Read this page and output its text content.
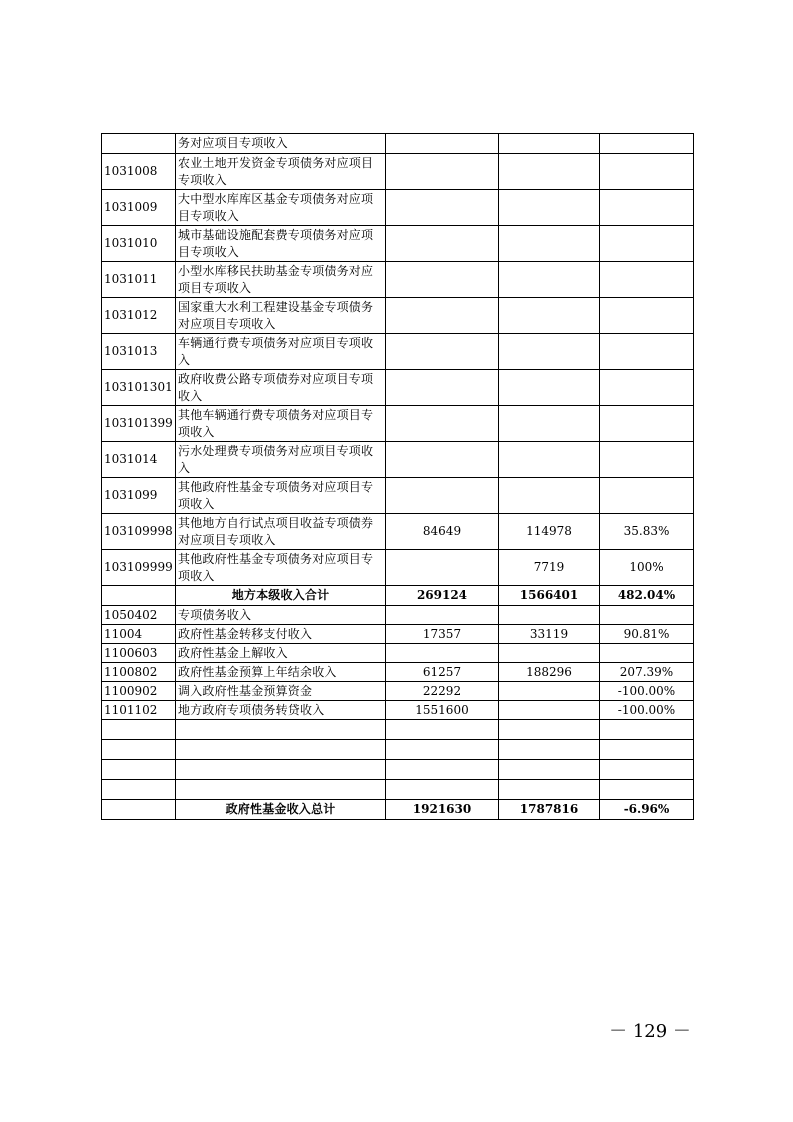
	务对应项目专项收入			
1031008	农业土地开发资金专项债务对应项目专项收入			
1031009	大中型水库库区基金专项债务对应项目专项收入			
1031010	城市基础设施配套费专项债务对应项目专项收入			
1031011	小型水库移民扶助基金专项债务对应项目专项收入			
1031012	国家重大水利工程建设基金专项债务对应项目专项收入			
1031013	车辆通行费专项债务对应项目专项收入			
103101301	政府收费公路专项债券对应项目专项收入			
103101399	其他车辆通行费专项债务对应项目专项收入			
1031014	污水处理费专项债务对应项目专项收入			
1031099	其他政府性基金专项债务对应项目专项收入			
103109998	其他地方自行试点项目收益专项债券对应项目专项收入	84649	114978	35.83%
103109999	其他政府性基金专项债务对应项目专项收入		7719	100%
	地方本级收入合计	269124	1566401	482.04%
1050402	专项债务收入			
11004	政府性基金转移支付收入	17357	33119	90.81%
1100603	政府性基金上解收入			
1100802	政府性基金预算上年结余收入	61257	188296	207.39%
1100902	调入政府性基金预算资金	22292		-100.00%
1101102	地方政府专项债务转贷收入	1551600		-100.00%

	政府性基金收入总计	1921630	1787816	-6.96%
－ 129 －
